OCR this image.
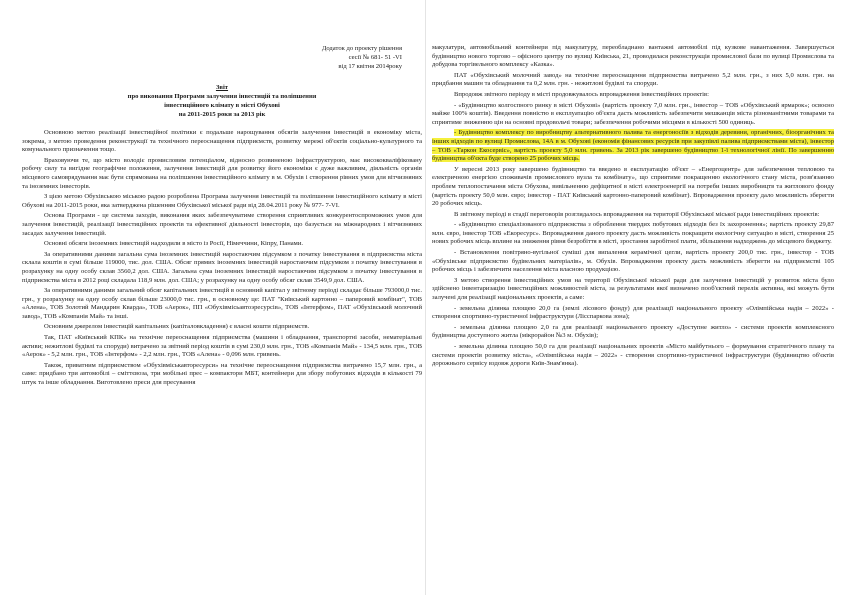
Додаток до проекту рішення
сесії № 681- 51 -VI
від 17 квітня 2014року
Звіт
про виконання Програми залучення інвестицій та поліпшення
інвестиційного клімату в місті Обухові
на 2011-2015 роки за 2013 рік

Основною метою реалізації інвестиційної політики є подальше нарощування обсягів залучення інвестицій в економіку міста, зокрема, з метою проведення реконструкції та технічного переоснащення підприємств, розвитку мережі об'єктів соціально-культурного та комунального призначення тощо.

Враховуючи те, що місто володіє промисловим потенціалом, відносно розвиненою інфраструктурою, має висококваліфіковану робочу силу та вигідне географічне положення, залучення інвестицій для розвитку його економіки є дуже важливим, діяльність органів місцевого самоврядування має бути спрямована на поліпшення інвестиційного клімату в м. Обухів і створення рівних умов для вітчизняних та іноземних інвесторів.

З цією метою Обухівською міською радою розроблена Програма залучення інвестицій та поліпшення інвестиційного клімату в місті Обухові на 2011-2015 роки, яка затверджена рішенням Обухівської міської ради від 28.04.2011 року № 977- 7-VI.

Основа Програми - це система заходів, виконання яких забезпечуватиме створення сприятливих конкурентоспроможних умов для залучення інвестицій, реалізації інвестиційних проектів та ефективної діяльності інвесторів, що базується на міжнародних і вітчизняних засадах залучення інвестицій.

Основні обсяги іноземних інвестицій надходили в місто із Росії, Німеччини, Кіпру, Панами.

За оперативними даними загальна сума іноземних інвестицій наростаючим підсумком з початку інвестування в підприємства міста склала коштів в сумі більше 119000, тис. дол. США. Обсяг прямих іноземних інвестицій наростаючим підсумком з початку інвестування в розрахунку на одну особу склав 3560,2 дол. США. Загальна сума іноземних інвестицій наростаючим підсумком з початку інвестування в підприємства міста в 2012 році складала 118,9 млн. дол. США; у розрахунку на одну особу обсяг склав 3549,9 дол. США.

За оперативними даними загальний обсяг капітальних інвестицій в основний капітал у звітному періоді складає більше 793000,0 тис. грн., у розрахунку на одну особу склав більше 23000,0 тис. грн., в основному це: ПАТ "Київський картонно – паперовий комбінат", ТОВ «Алена», ТОВ Золотий Мандарин Кварда», ТОВ «Аерок», ПП «Обухівмісьавтоэресурсів», ТОВ «Інтерфом», ПАТ «Обухівський молочний завод», ТОВ «Компанія Май» та інші.

Основним джерелом інвестицій капітальних (капіталовкладення) є власні кошти підприємств.

Так, ПАТ «Київський КПК» на технічне переоснащення підприємства (машини і обладнання, транспортні засоби, нематеріальні активи; нежитлові будівлі та споруди) витрачено за звітний період коштів в сумі 230,0 млн. грн., ТОВ «Компанія Май» - 134,5 млн. грн., ТОВ «Аерок» - 5,2 млн. грн., ТОВ «Інтерфом» - 2,2 млн. грн., ТОВ «Алена» - 0,096 млн. гривень.

Також, приватним підприємством «Обухівміськавторесурси» на технічне переоснащення підприємства витрачено 15,7 млн. грн., а саме: придбано три автомобілі – сміттєвоза, три мобільні прес – компактори МБТ, контейнери для збору побутових відходів в кількості 79 штук та інше обладнання. Виготовлено преси для пресування

макулатури, автомобільний контейнери під макулатуру, переобладнано вантажні автомобілі під кузкове навантаження. Завершується будівництво нового торгово – офісного центру по вулиці Київська, 21, проводилася реконструкція промислової бази по вулиці Промислова та добудова торгівельного комплексу «Казка».

ПАТ «Обухівський молочний завод» на технічне переоснащення підприємства витрачено 5,2 млн. грн., з них 5,0 млн. грн. на придбання машин та обладнання та 0,2 млн. грн. - нежитлові будівлі та споруди.

Впродовж звітного періоду в місті продовжувалось впровадження інвестиційних проектів:

- «Будівництво колгоспного ринку в місті Обухові» (вартість проекту 7,0 млн. грн., інвестор – ТОВ «Обухівський ярмарок»; освоєно майже 100% коштів). Введення повністю в експлуатацію об'єкта дасть можливість забезпечити мешканців міста різноманітними товарами та сприятиме зниженню цін на основні продовольчі товари; забезпечення робочими місцями в кількості 500 одиниць.

- Будівництво комплексу по виробництву альтернативного палива та енергоносіїв з відходів деревини, органічних, біоорганічних та інших відходів по вулиці Промислова, 14А в м. Обухові (економія фінансових ресурсів при закупівлі палива підприємствами міста), інвестор – ТОВ «Таркон Екосервіс», вартість проекту 5,0 млн. гривень. За 2013 рік завершено будівництво 1-ї технологічної лінії. По завершенню будівництва об'єкта буде створено 25 робочих місць.

У вересні 2013 року завершено будівництво та введено в експлуатацію об'єкт – «Енергоцентр» для забезпечення тепловою та електричною енергією споживачів промислового вузла та комбінату», що сприятиме покращенню екологічного стану міста, розв'язанню проблем теплопостачання міста Обухова, вивільненню дефіцитної в місті електроенергії на потреби інших виробництв та житлового фонду (вартість проекту 50,0 млн. євро; інвестор - ПАТ Київський картонно-паперовий комбінат). Впровадження проекту дало можливість зберегти 20 робочих місць.

В звітному періоді в стадії переговорів розглядалось впровадження на території Обухівської міської ради інвестиційних проектів:

- «Будівництво спеціалізованого підприємства з оброблення твердих побутових відходів без їх захоронення»; вартість проекту 29,87 млн. євро, інвестор ТОВ «Екоресурс». Впровадження даного проекту дасть можливість покращити екологічну ситуацію в місті, створення 25 нових робочих місць вплине на зниження рівня безробіття в місті, зростання заробітної плати, збільшення надходжень до місцевого бюджету.

- Встановлення повітряно-вугільної суміші для випалення керамічної цегли, вартість проекту 200,0 тис. грн., інвестор - ТОВ «Обухівське підприємство будівельних матеріалів», м. Обухів. Впровадження проекту дасть можливість зберегти на підприємстві 105 робочих місць і забезпечити населення міста власною продукцією.

З метою створення інвестиційних умов на території Обухівської міської ради для залучення інвестицій у розвиток міста було здійснено інвентаризацію інвестиційних можливостей міста, за результатами якої визначено пооб'єктний перелік активна, які можуть бути залучені для реалізації національних проектів, а саме:

- земельна ділянка площею 20,0 га (землі лісового фонду) для реалізації національного проекту «Олімпійська надія – 2022» - створення спортивно-туристичної інфраструктури (Лісспаркова зона);

- земельна ділянка площею 2,0 га для реалізації національного проекту «Доступне житло» - системи проектів комплексного будівництва доступного житла (мікрорайон №3 м. Обухів);

- земельна ділянка площею 50,0 га для реалізації національних проектів «Місто майбутнього – формування стратегічного плану та системи проектів розвитку міста», «Олімпійська надія – 2022» - створення спортивно-туристичної інфраструктури (будівництво об'єктів дорожнього сервісу вздовж дороги Київ-Знам'янка).
